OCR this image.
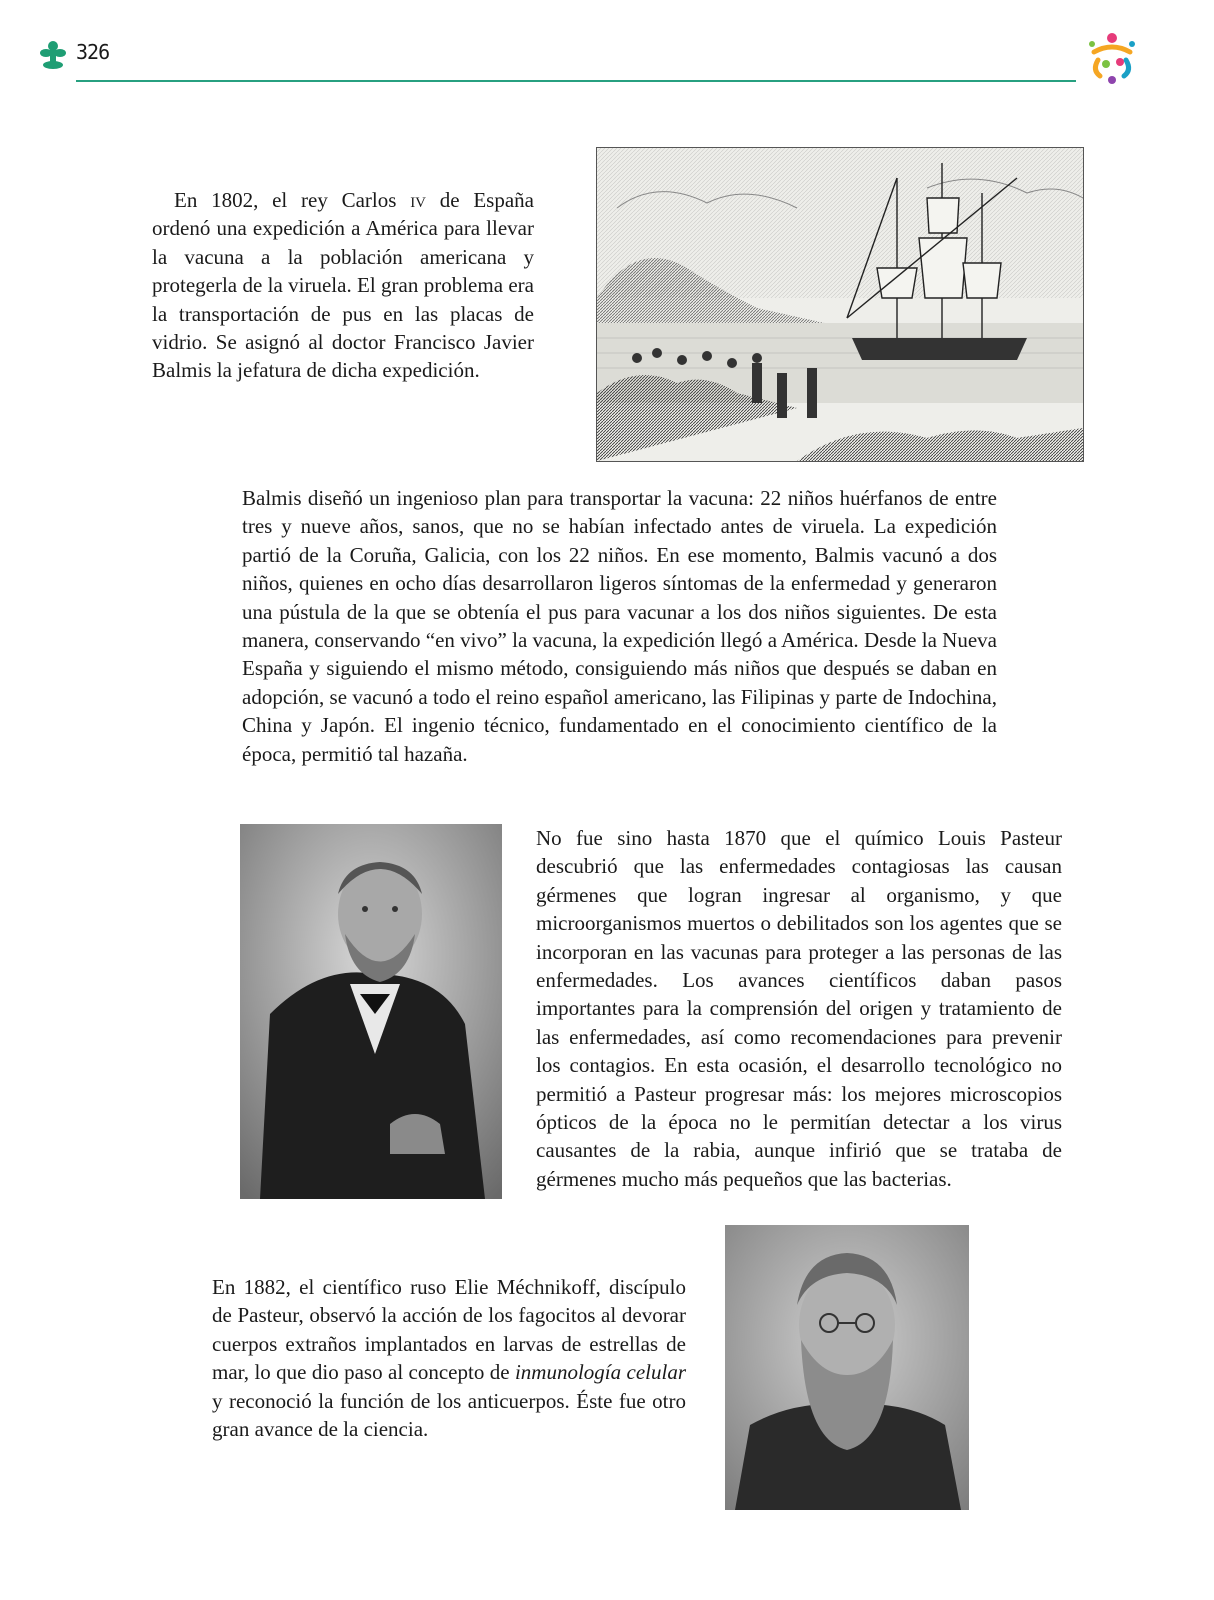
326

En 1802, el rey Carlos iv de España ordenó una expedición a América para llevar la vacuna a la población americana y protegerla de la viruela. El gran problema era la transportación de pus en las placas de vidrio. Se asignó al doctor Francisco Javier Balmis la jefatura de dicha expedición.

Balmis diseñó un ingenioso plan para transportar la vacuna: 22 niños huérfanos de entre tres y nueve años, sanos, que no se habían infectado antes de viruela. La expedición partió de la Coruña, Galicia, con los 22 niños. En ese momento, Balmis vacunó a dos niños, quienes en ocho días desarrollaron ligeros síntomas de la enfermedad y generaron una pústula de la que se obtenía el pus para vacunar a los dos niños siguientes. De esta manera, conservando “en vivo” la vacuna, la expedición llegó a América. Desde la Nueva España y siguiendo el mismo método, consiguiendo más niños que después se daban en adopción, se vacunó a todo el reino español americano, las Filipinas y parte de Indochina, China y Japón. El ingenio técnico, fundamentado en el conocimiento científico de la época, permitió tal hazaña.

No fue sino hasta 1870 que el químico Louis Pasteur descubrió que las enfermedades contagiosas las causan gérmenes que logran ingresar al organismo, y que microorganismos muertos o debilitados son los agentes que se incorporan en las vacunas para proteger a las personas de las enfermedades. Los avances científicos daban pasos importantes para la comprensión del origen y tratamiento de las enfermedades, así como recomendaciones para prevenir los contagios. En esta ocasión, el desarrollo tecnológico no permitió a Pasteur progresar más: los mejores microscopios ópticos de la época no le permitían detectar a los virus causantes de la rabia, aunque infirió que se trataba de gérmenes mucho más pequeños que las bacterias.

En 1882, el científico ruso Elie Méchnikoff, discípulo de Pasteur, observó la acción de los fagocitos al devorar cuerpos extraños implantados en larvas de estrellas de mar, lo que dio paso al concepto de inmunología celular y reconoció la función de los anticuerpos. Éste fue otro gran avance de la ciencia.
